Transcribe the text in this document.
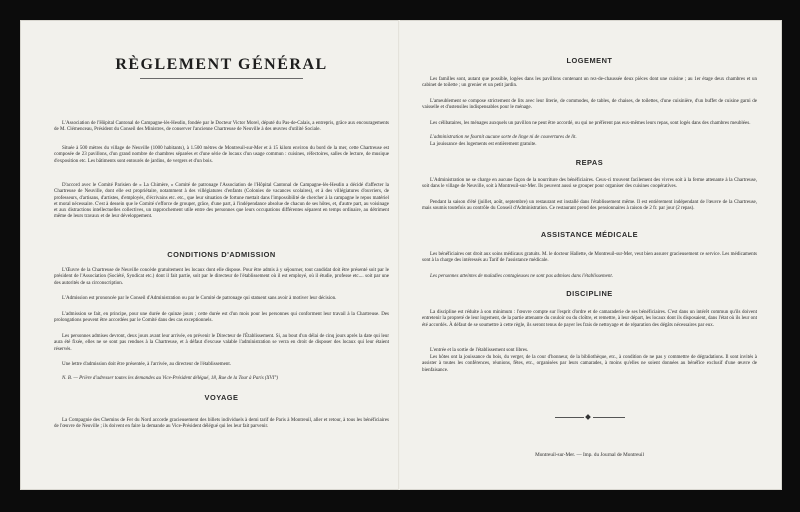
RÈGLEMENT GÉNÉRAL
L'Association de l'Hôpital Cantonal de Campagne-lès-Hesdin, fondée par le Docteur Victor Morel, député du Pas-de-Calais, a entrepris, grâce aux encouragements de M. Clémenceau, Président du Conseil des Ministres, de conserver l'ancienne Chartreuse de Neuville à des œuvres d'utilité Sociale.
Située à 500 mètres du village de Neuville (1000 habitants), à 1.500 mètres de Montreuil-sur-Mer et à 15 kilom environ du bord de la mer, cette Chartreuse est composée de 23 pavillons, d'un grand nombre de chambres séparées et d'une série de locaux d'un usage commun : cuisines, réfectoires, salles de lecture, de musique d'exposition etc. Les bâtiments sont entourés de jardins, de vergers et d'un bois.
D'accord avec le Comité Parisien de « La Chimère, » Comité de patronage l'Association de l'Hôpital Cantonal de Campagne-lès-Hesdin a décidé d'affecter la Chartreuse de Neuville, dont elle est propriétaire, notamment à des villégiatures d'enfants (Colonies de vacances scolaires), et à des villégiatures d'ouvriers, de professeurs, d'artisans, d'artistes, d'employés, d'écrivains etc. etc., que leur situation de fortune mettait dans l'impossibilité de chercher à la campagne le repos matériel et moral nécessaire. C'est à dessein que le Comité s'efforce de grouper, grâce, d'une part, à l'indépendance absolue de chacun de ses hôtes, et, d'autre part, au voisinage et aux distractions intellectuelles collectives, un rapprochement utile entre des personnes que leurs occupations différentes séparent en temps ordinaire, au détriment même de leurs travaux et de leur développement.
CONDITIONS D'ADMISSION
L'Œuvre de la Chartreuse de Neuville concède gratuitement les locaux dont elle dispose. Pour être admis à y séjourner, tout candidat doit être présenté soit par le président de l'Association (Société, Syndicat etc.) dont il fait partie, soit par le directeur de l'établissement où il est employé, où il étudie, professe etc.... soit par une des autorités de sa circonscription.
L'Admission est prononcée par le Conseil d'Administration ou par le Comité de patronage qui statuent sans avoir à motiver leur décision.
L'admission se fait, en principe, pour une durée de quinze jours ; cette durée est d'un mois pour les personnes qui conforment leur travail à la Chartreuse. Des prolongations peuvent être accordées par le Comité dans des cas exceptionnels.
Les personnes admises devront, deux jours avant leur arrivée, en prévenir le Directeur de l'Établissement. Si, au bout d'un délai de cinq jours après la date qui leur aura été fixée, elles ne se sont pas rendues à la Chartreuse, et à défaut d'excuse valable l'administration se verra en droit de disposer des locaux qui leur étaient réservés.
Une lettre d'admission doit être présentée, à l'arrivée, au directeur de l'établissement.
N. B. — Prière d'adresser toutes les demandes au Vice-Président délégué, 18, Rue de la Tour à Paris (XVI°)
VOYAGE
La Compagnie des Chemins de Fer du Nord accorde gracieusement des billets individuels à demi tarif de Paris à Montreuil, aller et retour, à tous les bénéficiaires de l'œuvre de Neuville ; ils doivent en faire la demande au Vice-Président délégué qui les leur fait parvenir.
LOGEMENT
Les familles sont, autant que possible, logées dans les pavillons contenant un rez-de-chaussée deux pièces dont une cuisine ; au 1er étage deux chambres et un cabinet de toilette ; un grenier et un petit jardin.
L'ameublement se compose strictement de lits avec leur literie, de commodes, de tables, de chaises, de toilettes, d'une cuisinière, d'un buffet de cuisine garni de vaisselle et d'ustensiles indispensables pour le ménage.
Les célibataires, les ménages auxquels un pavillon ne peut être accordé, ou qui ne préfèrent pas eux-mêmes leurs repas, sont logés dans des chambres meublées.
L'administration ne fournit aucune sorte de linge ni de couvertures de lit.
La jouissance des logements est entièrement gratuite.
REPAS
L'Administration ne se charge en aucune façon de la nourriture des bénéficiaires. Ceux-ci trouvent facilement des vivres soit à la ferme attenante à la Chartreuse, soit dans le village de Neuville, soit à Montreuil-sur-Mer. Ils peuvent aussi se grouper pour organiser des cuisines coopératives.
Pendant la saison d'été (juillet, août, septembre) un restaurant est installé dans l'établissement même. Il est entièrement indépendant de l'œuvre de la Chartreuse, mais soumis toutefois au contrôle du Conseil d'Administration. Ce restaurant prend des pensionnaires à raison de 2 fr. par jour (2 repas).
ASSISTANCE MÉDICALE
Les bénéficiaires ont droit aux soins médicaux gratuits. M. le docteur Hallette, de Montreuil-sur-Mer, veut bien assurer gracieusement ce service. Les médicaments sont à la charge des intéressés au Tarif de l'assistance médicale.
Les personnes atteintes de maladies contagieuses ne sont pas admises dans l'établissement.
DISCIPLINE
La discipline est réduite à son minimum : l'œuvre compte sur l'esprit d'ordre et de camaraderie de ses bénéficiaires. C'est dans un intérêt commun qu'ils doivent entretenir la propreté de leur logement, de la partie attenante du couloir ou du cloître, et remettre, à leur départ, les locaux dont ils disposaient, dans l'état où ils leur ont été accordés. À défaut de se soumettre à cette règle, ils seront tenus de payer les frais de nettoyage et de réparation des dégâts nécessaires par eux.
L'entrée et la sortie de l'établissement sont libres.
Les hôtes ont la jouissance du bois, du verger, de la cour d'honneur, de la bibliothèque, etc., à condition de ne pas y commettre de dégradations. Il sont invités à assister à toutes les conférences, réunions, fêtes, etc., organisées par leurs camarades, à moins qu'elles ne soient données au bénéfice exclusif d'une œuvre de bienfaisance.
Montreuil-sur-Mer. — Imp. du Journal de Montreuil
